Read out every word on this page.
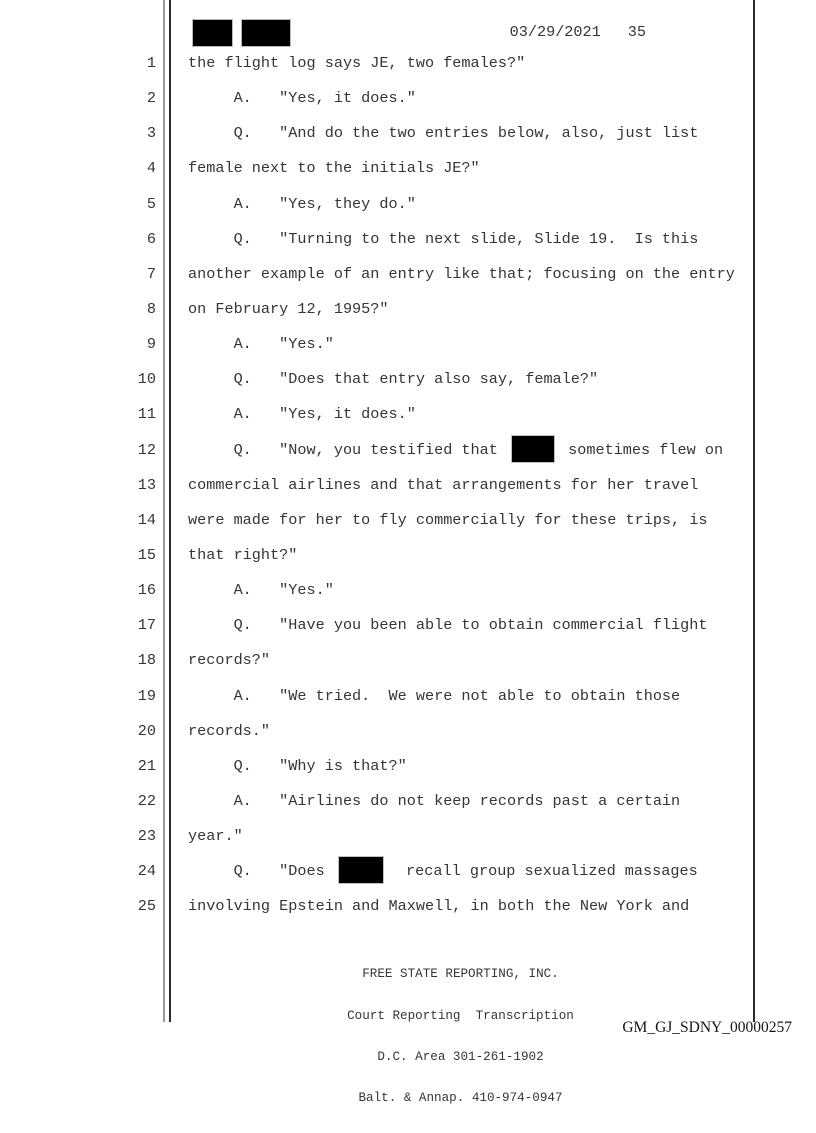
03/29/2021 35
1 the flight log says JE, two females?"
2 A.   "Yes, it does."
3 Q.   "And do the two entries below, also, just list
4 female next to the initials JE?"
5 A.   "Yes, they do."
6 Q.   "Turning to the next slide, Slide 19.  Is this
7 another example of an entry like that; focusing on the entry
8 on February 12, 1995?"
9 A.   "Yes."
10 Q.   "Does that entry also say, female?"
11 A.   "Yes, it does."
12 Q.   "Now, you testified that	sometimes flew on
13 commercial airlines and that arrangements for her travel
14 were made for her to fly commercially for these trips, is
15 that right?"
16 A.   "Yes."
17 Q.   "Have you been able to obtain commercial flight
18 records?"
19 A.   "We tried.  We were not able to obtain those
20 records."
21 Q.   "Why is that?"
22 A.   "Airlines do not keep records past a certain
23 year."
24 Q.   "Does	recall group sexualized massages
25 involving Epstein and Maxwell, in both the New York and

FREE STATE REPORTING, INC.

Court Reporting  Transcription

D.C. Area 301-261-1902

Balt. & Annap. 410-974-0947

GM_GJ_SDNY_00000257
